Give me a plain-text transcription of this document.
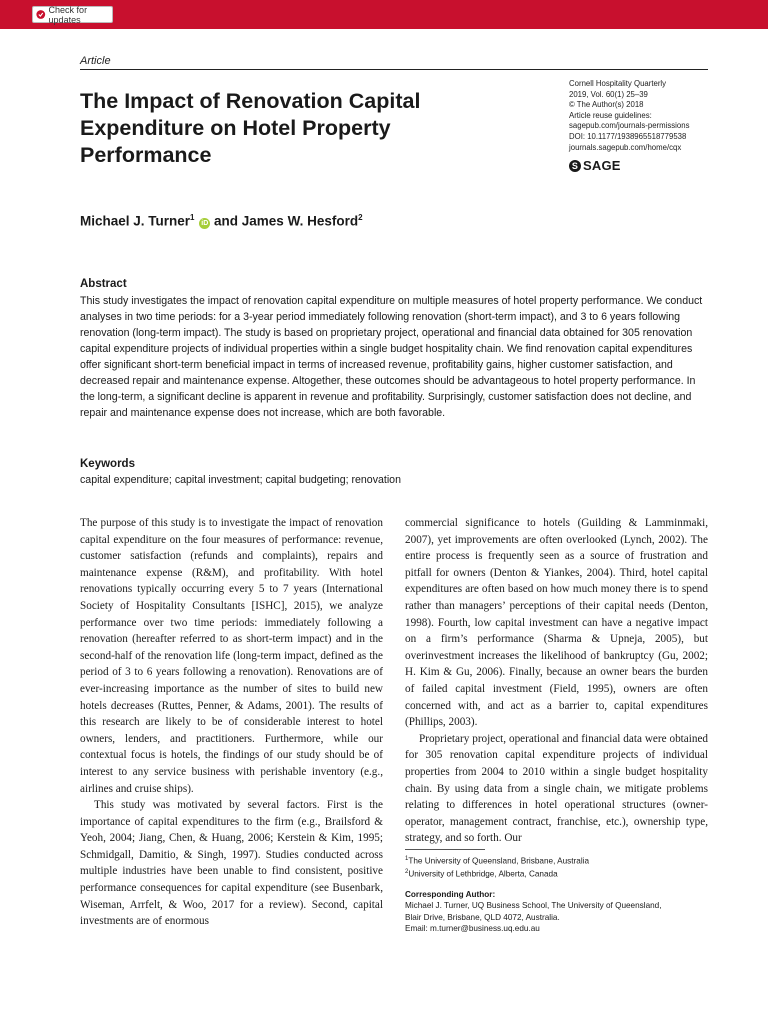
Check for updates
Article
The Impact of Renovation Capital Expenditure on Hotel Property Performance
Cornell Hospitality Quarterly
2019, Vol. 60(1) 25–39
© The Author(s) 2018
Article reuse guidelines:
sagepub.com/journals-permissions
DOI: 10.1177/1938965518779538
journals.sagepub.com/home/cqx
S SAGE
Michael J. Turner$^1$ iD and James W. Hesford$^2$
Abstract
This study investigates the impact of renovation capital expenditure on multiple measures of hotel property performance. We conduct analyses in two time periods: for a 3-year period immediately following renovation (short-term impact), and 3 to 6 years following renovation (long-term impact). The study is based on proprietary project, operational and financial data obtained for 305 renovation capital expenditure projects of individual properties within a single budget hospitality chain. We find renovation capital expenditures offer significant short-term beneficial impact in terms of increased revenue, profitability gains, higher customer satisfaction, and decreased repair and maintenance expense. Altogether, these outcomes should be advantageous to hotel property performance. In the long-term, a significant decline is apparent in revenue and profitability. Surprisingly, customer satisfaction does not decline, and repair and maintenance expense does not increase, which are both favorable.
Keywords
capital expenditure; capital investment; capital budgeting; renovation

The purpose of this study is to investigate the impact of renovation capital expenditure on the four measures of performance: revenue, customer satisfaction (refunds and complaints), repairs and maintenance expense (R&M), and profitability. With hotel renovations typically occurring every 5 to 7 years (International Society of Hospitality Consultants [ISHC], 2015), we analyze performance over two time periods: immediately following a renovation (hereafter referred to as short-term impact) and in the second-half of the renovation life (long-term impact, defined as the period of 3 to 6 years following a renovation). Renovations are of ever-increasing importance as the number of sites to build new hotels decreases (Ruttes, Penner, & Adams, 2001). The results of this research are likely to be of considerable interest to hotel owners, lenders, and practitioners. Furthermore, while our contextual focus is hotels, the findings of our study should be of interest to any service business with perishable inventory (e.g., airlines and cruise ships).

This study was motivated by several factors. First is the importance of capital expenditures to the firm (e.g., Brailsford & Yeoh, 2004; Jiang, Chen, & Huang, 2006; Kerstein & Kim, 1995; Schmidgall, Damitio, & Singh, 1997). Studies conducted across multiple industries have been unable to find consistent, positive performance consequences for capital expenditure (see Busenbark, Wiseman, Arrfelt, & Woo, 2017 for a review). Second, capital investments are of enormous

commercial significance to hotels (Guilding & Lamminmaki, 2007), yet improvements are often overlooked (Lynch, 2002). The entire process is frequently seen as a source of frustration and pitfall for owners (Denton & Yiankes, 2004). Third, hotel capital expenditures are often based on how much money there is to spend rather than managers’ perceptions of their capital needs (Denton, 1998). Fourth, low capital investment can have a negative impact on a firm’s performance (Sharma & Upneja, 2005), but overinvestment increases the likelihood of bankruptcy (Gu, 2002; H. Kim & Gu, 2006). Finally, because an owner bears the burden of failed capital investment (Field, 1995), owners are often concerned with, and act as a barrier to, capital expenditures (Phillips, 2003).

Proprietary project, operational and financial data were obtained for 305 renovation capital expenditure projects of individual properties from 2004 to 2010 within a single budget hospitality chain. By using data from a single chain, we mitigate problems relating to differences in hotel operational structures (owner-operator, management contract, franchise, etc.), ownership type, strategy, and so forth. Our

$^1$The University of Queensland, Brisbane, Australia
$^2$University of Lethbridge, Alberta, Canada
Corresponding Author:
Michael J. Turner, UQ Business School, The University of Queensland,
Blair Drive, Brisbane, QLD 4072, Australia.
Email: m.turner@business.uq.edu.au
